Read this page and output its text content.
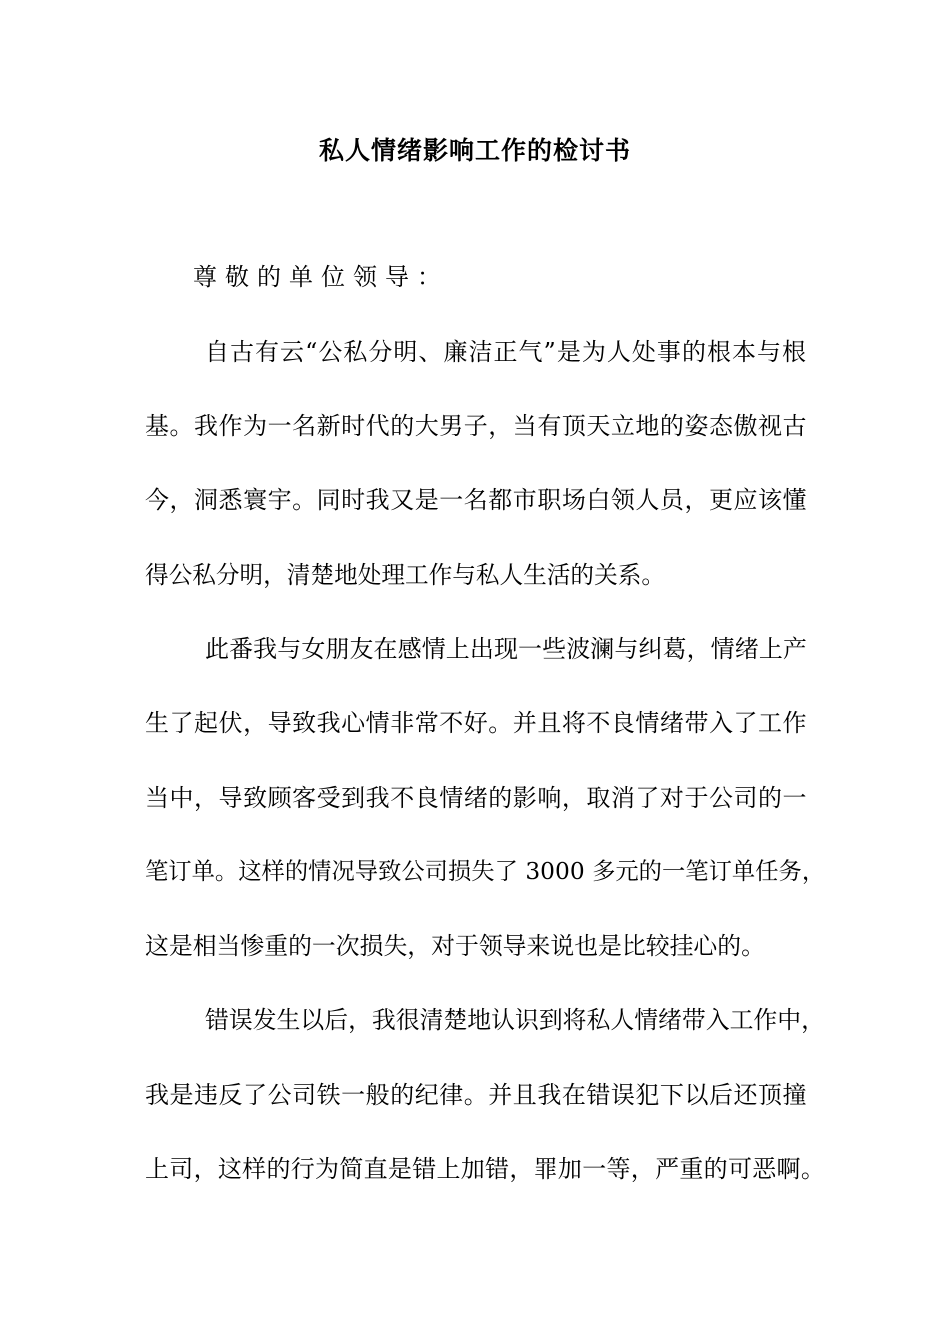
私人情绪影响工作的检讨书
尊敬的单位领导：
自古有云“公私分明、廉洁正气”是为人处事的根本与根
基。我作为一名新时代的大男子，当有顶天立地的姿态傲视古
今，洞悉寰宇。同时我又是一名都市职场白领人员，更应该懂
得公私分明，清楚地处理工作与私人生活的关系。
此番我与女朋友在感情上出现一些波澜与纠葛，情绪上产
生了起伏，导致我心情非常不好。并且将不良情绪带入了工作
当中，导致顾客受到我不良情绪的影响，取消了对于公司的一
笔订单。这样的情况导致公司损失了 3000 多元的一笔订单任务，
这是相当惨重的一次损失，对于领导来说也是比较挂心的。
错误发生以后，我很清楚地认识到将私人情绪带入工作中，
我是违反了公司铁一般的纪律。并且我在错误犯下以后还顶撞
上司，这样的行为简直是错上加错，罪加一等，严重的可恶啊。
